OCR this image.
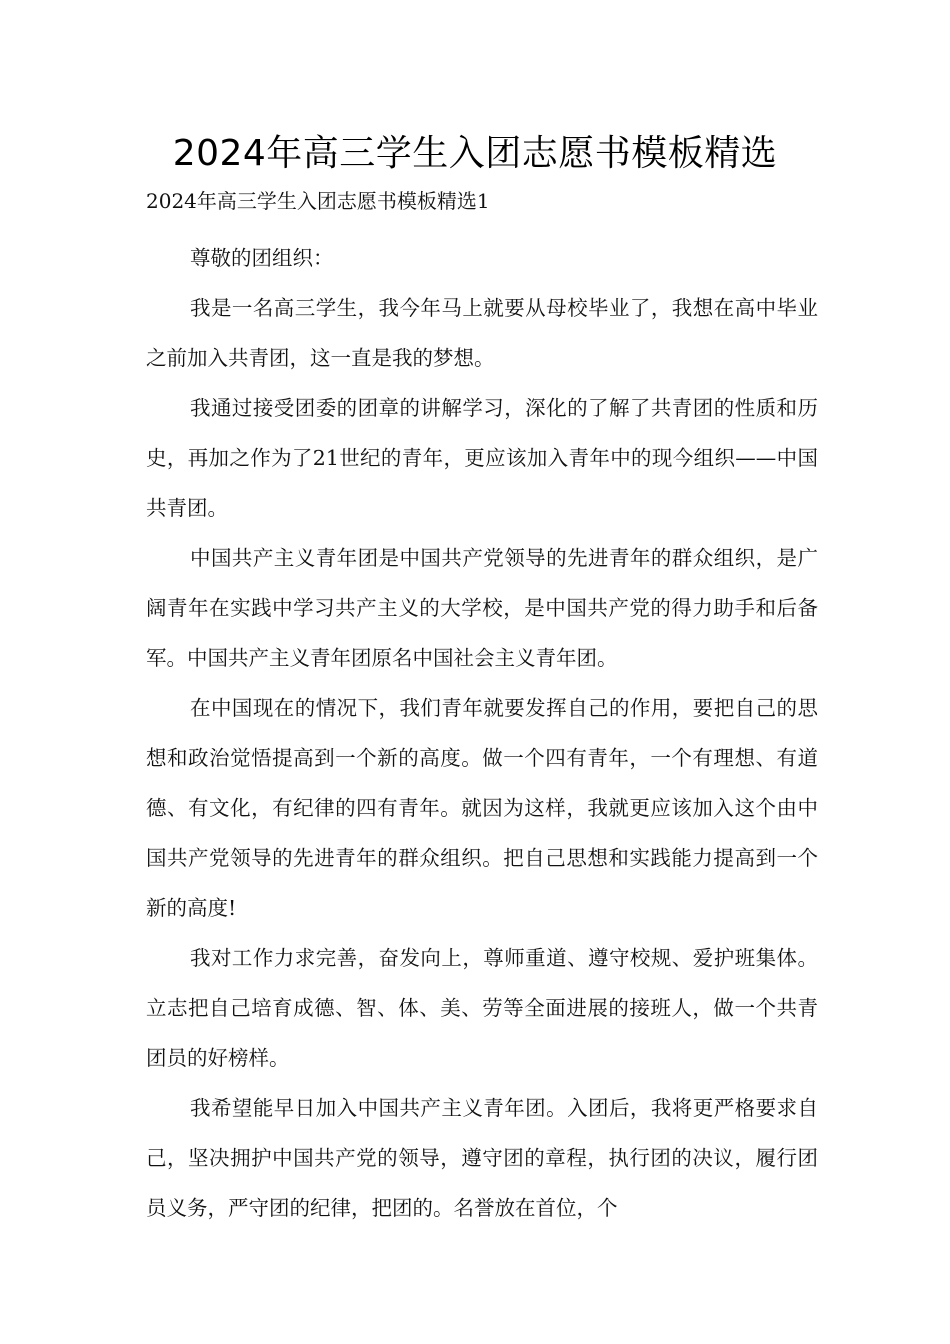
2024年高三学生入团志愿书模板精选

2024年高三学生入团志愿书模板精选1

尊敬的团组织：

我是一名高三学生，我今年马上就要从母校毕业了，我想在高中毕业之前加入共青团，这一直是我的梦想。

我通过接受团委的团章的讲解学习，深化的了解了共青团的性质和历史，再加之作为了21世纪的青年，更应该加入青年中的现今组织——中国共青团。

中国共产主义青年团是中国共产党领导的先进青年的群众组织，是广阔青年在实践中学习共产主义的大学校，是中国共产党的得力助手和后备军。中国共产主义青年团原名中国社会主义青年团。

在中国现在的情况下，我们青年就要发挥自己的作用，要把自己的思想和政治觉悟提高到一个新的高度。做一个四有青年，一个有理想、有道德、有文化，有纪律的四有青年。就因为这样，我就更应该加入这个由中国共产党领导的先进青年的群众组织。把自己思想和实践能力提高到一个新的高度!

我对工作力求完善，奋发向上，尊师重道、遵守校规、爱护班集体。立志把自己培育成德、智、体、美、劳等全面进展的接班人，做一个共青团员的好榜样。

我希望能早日加入中国共产主义青年团。入团后，我将更严格要求自己，坚决拥护中国共产党的领导，遵守团的章程，执行团的决议，履行团员义务，严守团的纪律，把团的。名誉放在首位，个
